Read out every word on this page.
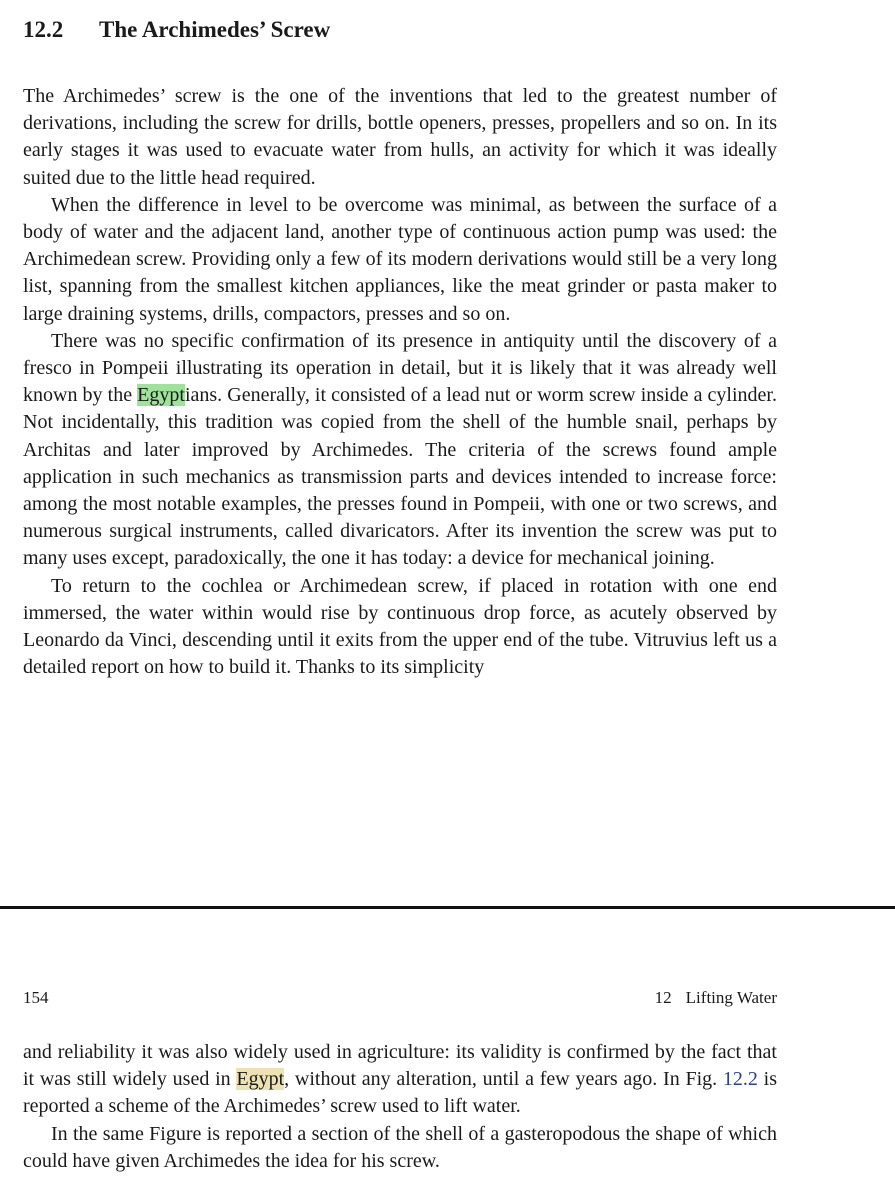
12.2 The Archimedes’ Screw

The Archimedes’ screw is the one of the inventions that led to the greatest number of derivations, including the screw for drills, bottle openers, presses, propellers and so on. In its early stages it was used to evacuate water from hulls, an activity for which it was ideally suited due to the little head required.

When the difference in level to be overcome was minimal, as between the surface of a body of water and the adjacent land, another type of continuous action pump was used: the Archimedean screw. Providing only a few of its modern derivations would still be a very long list, spanning from the smallest kitchen appliances, like the meat grinder or pasta maker to large draining systems, drills, compactors, presses and so on.

There was no specific confirmation of its presence in antiquity until the discovery of a fresco in Pompeii illustrating its operation in detail, but it is likely that it was already well known by the Egyptians. Generally, it consisted of a lead nut or worm screw inside a cylinder. Not incidentally, this tradition was copied from the shell of the humble snail, perhaps by Architas and later improved by Archimedes. The criteria of the screws found ample application in such mechanics as transmission parts and devices intended to increase force: among the most notable examples, the presses found in Pompeii, with one or two screws, and numerous surgical instruments, called divaricators. After its invention the screw was put to many uses except, paradoxically, the one it has today: a device for mechanical joining.

To return to the cochlea or Archimedean screw, if placed in rotation with one end immersed, the water within would rise by continuous drop force, as acutely observed by Leonardo da Vinci, descending until it exits from the upper end of the tube. Vitruvius left us a detailed report on how to build it. Thanks to its simplicity

154	12 Lifting Water

and reliability it was also widely used in agriculture: its validity is confirmed by the fact that it was still widely used in Egypt, without any alteration, until a few years ago. In Fig. 12.2 is reported a scheme of the Archimedes’ screw used to lift water.

In the same Figure is reported a section of the shell of a gasteropodous the shape of which could have given Archimedes the idea for his screw.
